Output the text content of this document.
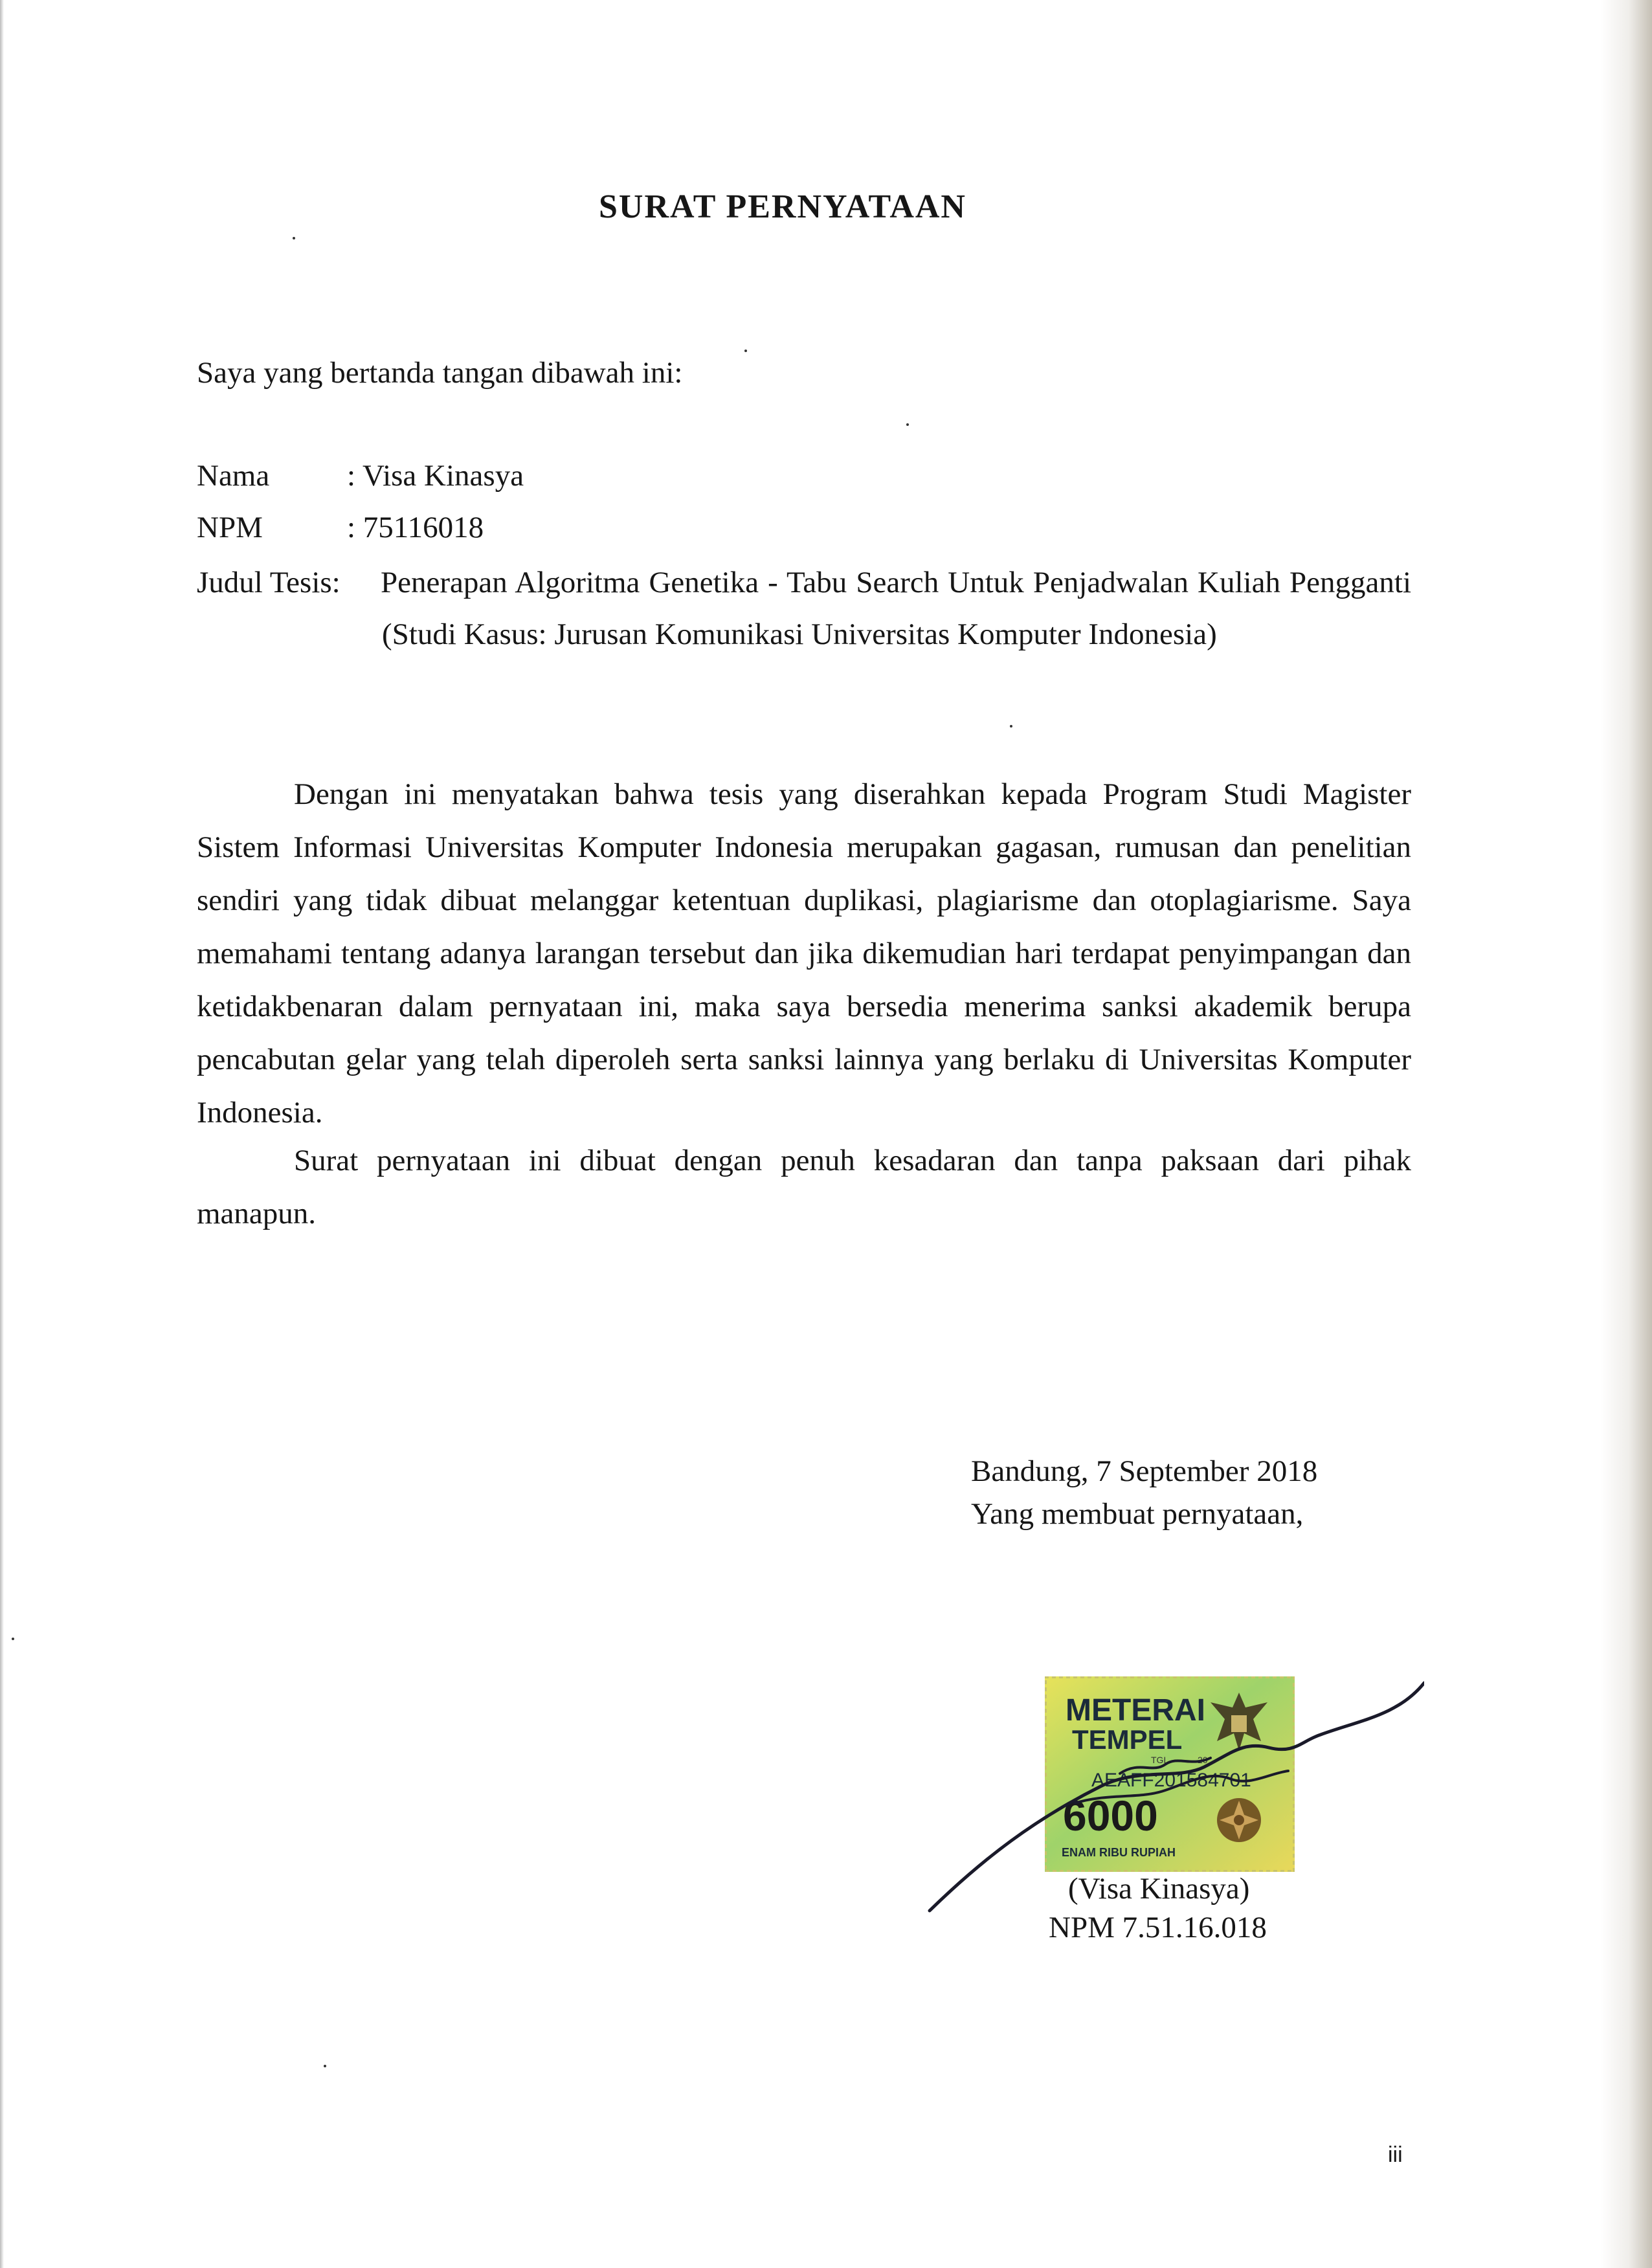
SURAT PERNYATAAN
Saya yang bertanda tangan dibawah ini:
Nama	: Visa Kinasya
NPM	: 75116018
Judul Tesis: Penerapan Algoritma Genetika - Tabu Search Untuk Penjadwalan Kuliah Pengganti (Studi Kasus: Jurusan Komunikasi Universitas Komputer Indonesia)
Dengan ini menyatakan bahwa tesis yang diserahkan kepada Program Studi Magister Sistem Informasi Universitas Komputer Indonesia merupakan gagasan, rumusan dan penelitian sendiri yang tidak dibuat melanggar ketentuan duplikasi, plagiarisme dan otoplagiarisme. Saya memahami tentang adanya larangan tersebut dan jika dikemudian hari terdapat penyimpangan dan ketidakbenaran dalam pernyataan ini, maka saya bersedia menerima sanksi akademik berupa pencabutan gelar yang telah diperoleh serta sanksi lainnya yang berlaku di Universitas Komputer Indonesia.
Surat pernyataan ini dibuat dengan penuh kesadaran dan tanpa paksaan dari pihak manapun.
Bandung, 7 September 2018
Yang membuat pernyataan,
METERAI
TEMPEL
TGL	20
AEAFF201584701
6000
ENAM RIBU RUPIAH
(Visa Kinasya)
NPM 7.51.16.018
iii
